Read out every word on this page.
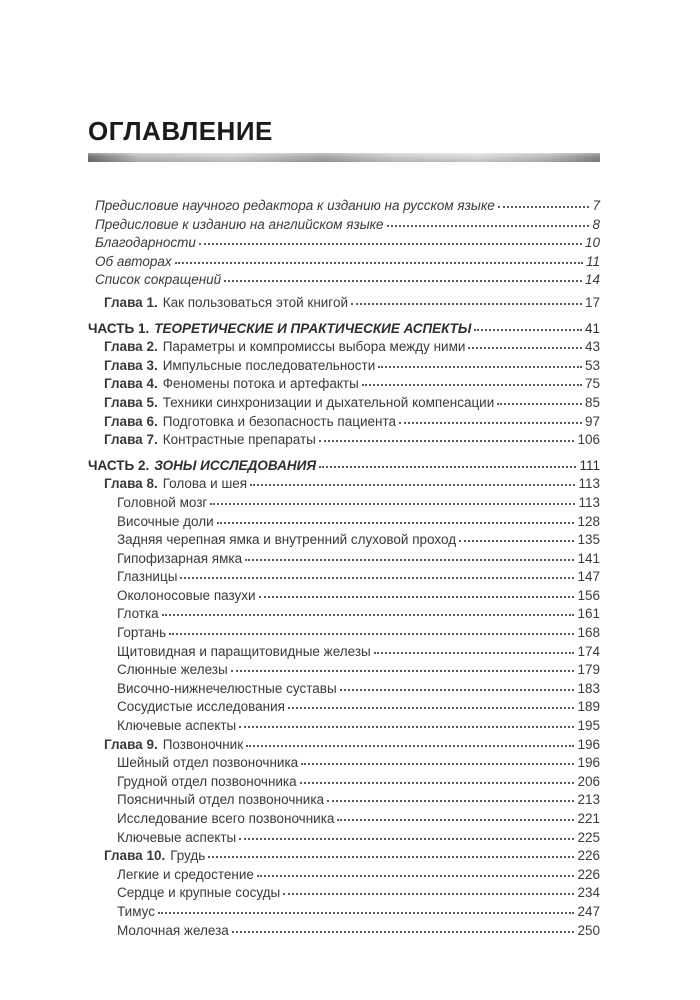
ОГЛАВЛЕНИЕ
Предисловие научного редактора к изданию на русском языке	7
Предисловие к изданию на английском языке	8
Благодарности	10
Об авторах	11
Список сокращений	14
Глава 1. Как пользоваться этой книгой	17
ЧАСТЬ 1. ТЕОРЕТИЧЕСКИЕ И ПРАКТИЧЕСКИЕ АСПЕКТЫ	41
Глава 2. Параметры и компромиссы выбора между ними	43
Глава 3. Импульсные последовательности	53
Глава 4. Феномены потока и артефакты	75
Глава 5. Техники синхронизации и дыхательной компенсации	85
Глава 6. Подготовка и безопасность пациента	97
Глава 7. Контрастные препараты	106
ЧАСТЬ 2. ЗОНЫ ИССЛЕДОВАНИЯ	111
Глава 8. Голова и шея	113
Головной мозг	113
Височные доли	128
Задняя черепная ямка и внутренний слуховой проход	135
Гипофизарная ямка	141
Глазницы	147
Околоносовые пазухи	156
Глотка	161
Гортань	168
Щитовидная и паращитовидные железы	174
Слюнные железы	179
Височно-нижнечелюстные суставы	183
Сосудистые исследования	189
Ключевые аспекты	195
Глава 9. Позвоночник	196
Шейный отдел позвоночника	196
Грудной отдел позвоночника	206
Поясничный отдел позвоночника	213
Исследование всего позвоночника	221
Ключевые аспекты	225
Глава 10. Грудь	226
Легкие и средостение	226
Сердце и крупные сосуды	234
Тимус	247
Молочная железа	250
